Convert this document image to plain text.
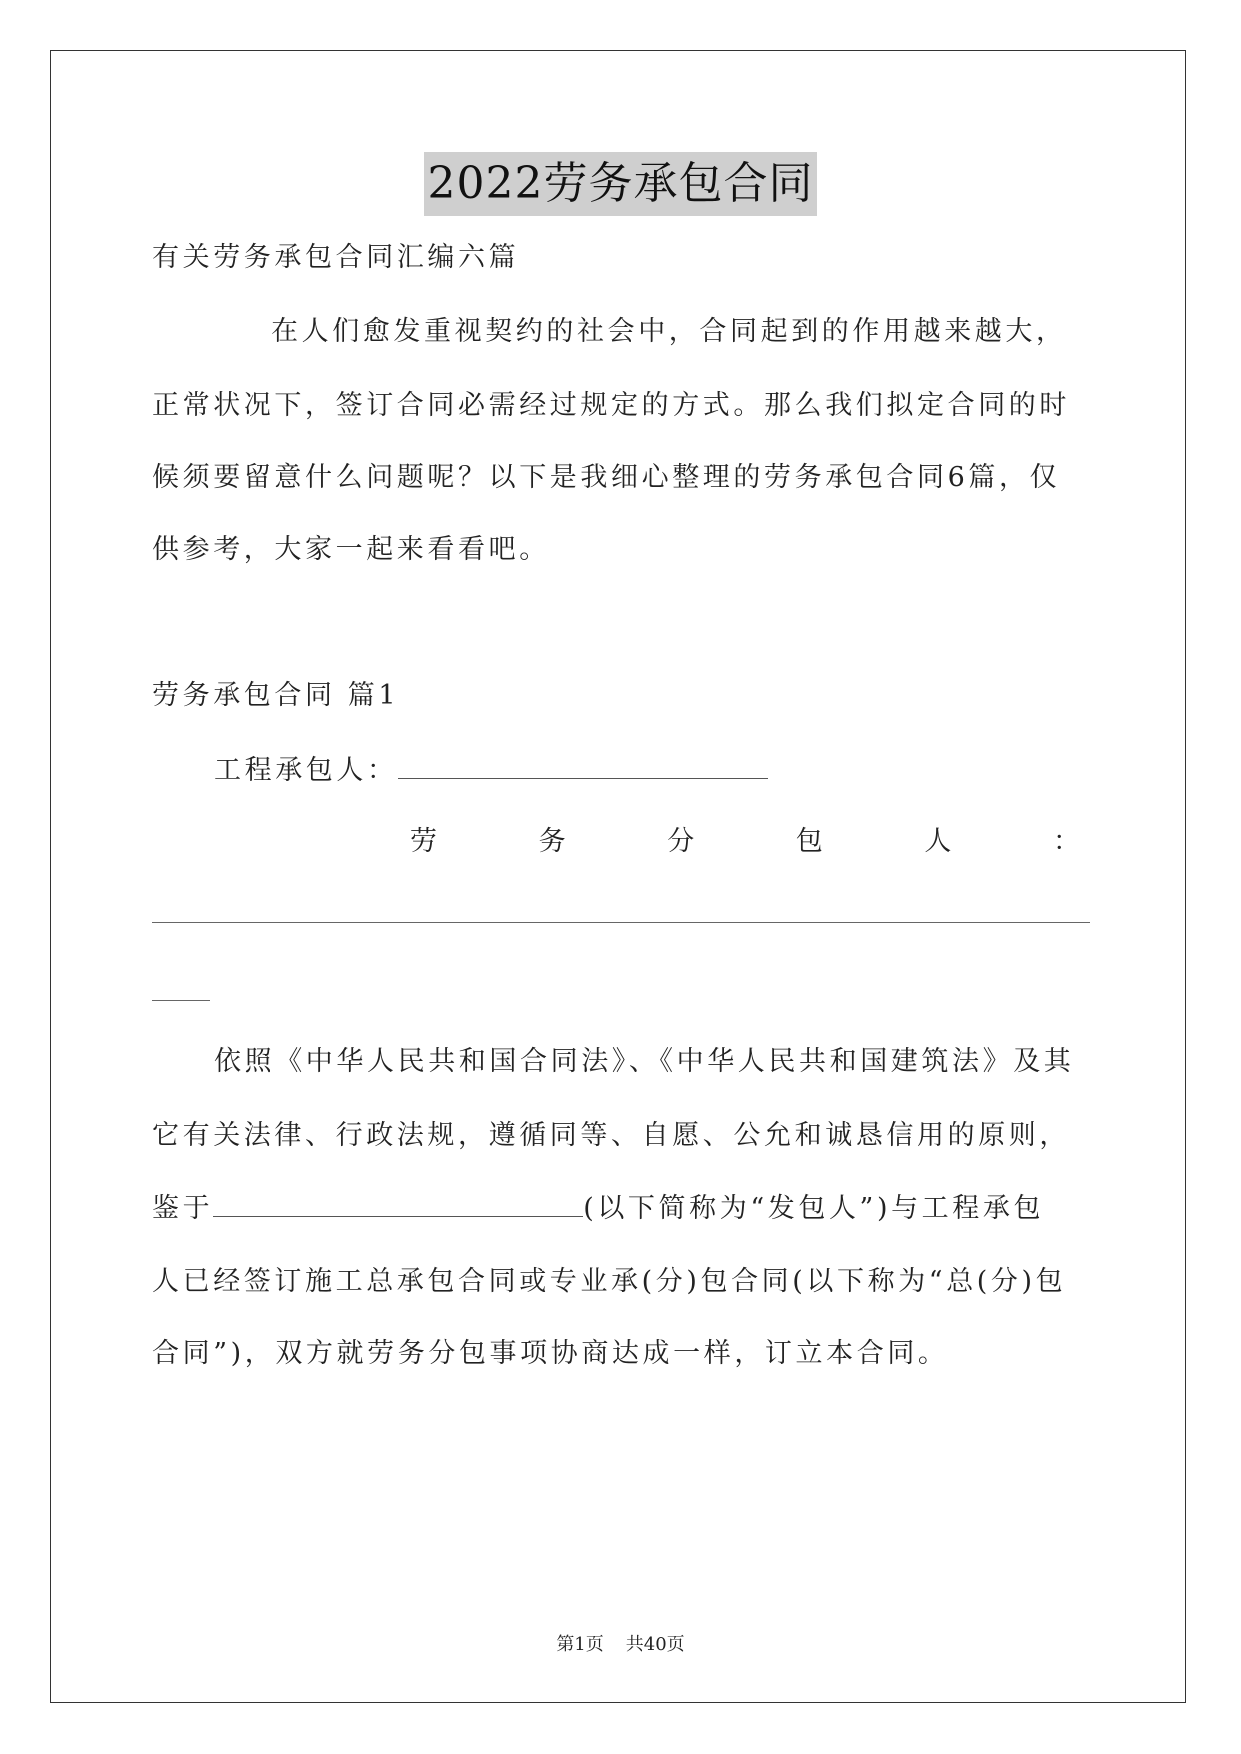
2022劳务承包合同
有关劳务承包合同汇编六篇
在人们愈发重视契约的社会中，合同起到的作用越来越大，
正常状况下，签订合同必需经过规定的方式。那么我们拟定合同的时
候须要留意什么问题呢？以下是我细心整理的劳务承包合同6篇，仅
供参考，大家一起来看看吧。
劳务承包合同 篇1
工程承包人：
劳	务	分	包	人	：
依照《中华人民共和国合同法》、《中华人民共和国建筑法》及其
它有关法律、行政法规，遵循同等、自愿、公允和诚恳信用的原则，
鉴于	(以下简称为“发包人”)与工程承包
人已经签订施工总承包合同或专业承(分)包合同(以下称为“总(分)包
合同”)，双方就劳务分包事项协商达成一样，订立本合同。
第1页 共40页
